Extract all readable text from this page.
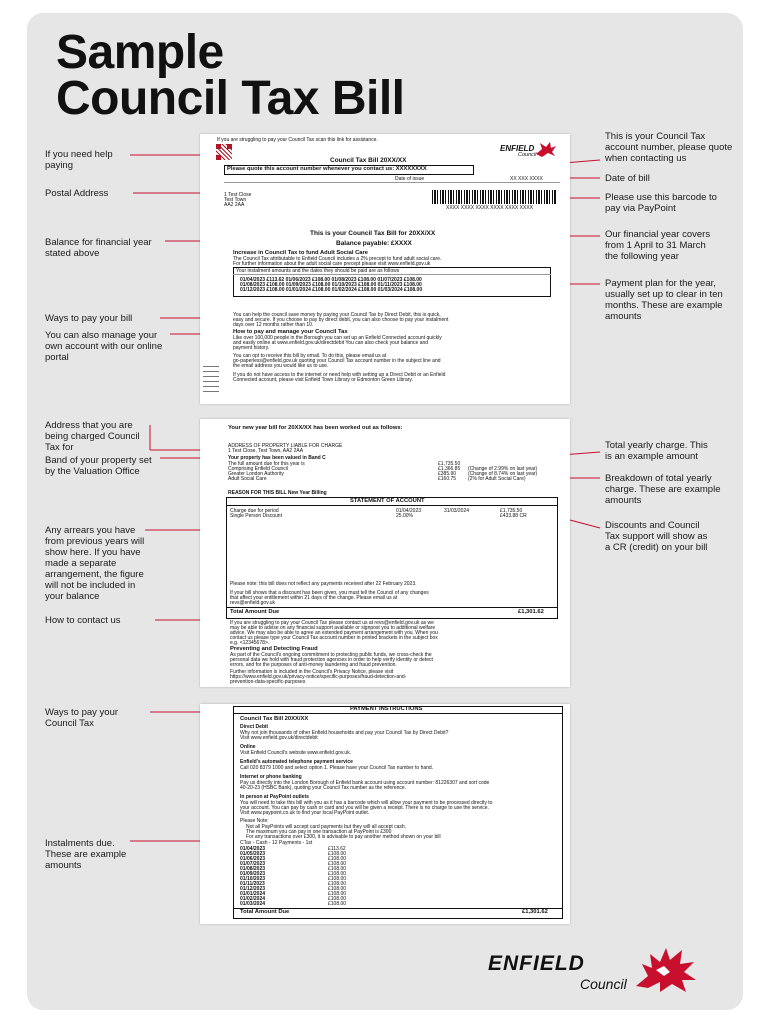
Sample
Council Tax Bill
If you need help paying
Postal Address
Balance for financial year stated above
Ways to pay your bill
You can also manage your own account with our online portal
Address that you are being charged Council Tax for
Band of your property set by the Valuation Office
Any arrears you have from previous years will show here. If you have made a separate arrangement, the figure will not be included in your balance
How to contact us
Ways to pay your Council Tax
Instalments due. These are example amounts
This is your Council Tax account number, please quote when contacting us
Date of bill
Please use this barcode to pay via PayPoint
Our financial year covers from 1 April to 31 March the following year
Payment plan for the year, usually set up to clear in ten months. These are example amounts
Total yearly charge. This is an example amount
Breakdown of total yearly charge. These are example amounts
Discounts and Council Tax support will show as a CR (credit) on your bill
If you are struggling to pay your Council Tax scan this link for assistance.
ENFIELD
Council
Council Tax Bill 20XX/XX
Please quote this account number whenever you contact us: XXXXXXXX
Date of issue	XX XXX XXXX
1 Test Close
Test Town
AA2 2AA	XXXX XXXX XXXX XXXX XXXX XXXX
This is your Council Tax Bill for 20XX/XX
Balance payable: £XXXX
Increase in Council Tax to fund Adult Social Care
The Council Tax attributable to Enfield Council includes a 2% precept to fund adult social care.
For further information about the adult social care precept please visit www.enfield.gov.uk
Your instalment amounts and the dates they should be paid are as follows
01/04/2023 £113.62 01/06/2023 £108.00 01/08/2023 £108.00 01/07/2023 £108.00
01/08/2023 £108.00 01/09/2023 £108.00 01/10/2023 £108.00 01/11/2023 £108.00
01/12/2023 £108.00 01/01/2024 £108.00 01/02/2024 £108.00 01/03/2024 £108.00
You can help the council save money by paying your Council Tax by Direct Debit, this is quick,
easy and secure. If you choose to pay by direct debit, you can also choose to pay your instalment
days over 12 months rather than 10.
How to pay and manage your Council Tax
Like over 100,000 people in the Borough you can set up an Enfield Connected account quickly
and easily online at www.enfield.gov.uk/directdebit You can also check your balance and
payment history.
You can opt to receive this bill by email. To do this, please email us at
go-paperless@enfield.gov.uk quoting your Council Tax account number in the subject line and
the email address you would like us to use.
If you do not have access to the internet or need help with setting up a Direct Debit or an Enfield
Connected account, please visit Enfield Town Library or Edmonton Green Library.
Your new year bill for 20XX/XX has been worked out as follows:
ADDRESS OF PROPERTY LIABLE FOR CHARGE
1 Test Close, Test Town, AA2 2AA
Your property has been valued in Band C
The full amount due for this year is	£1,735.50
Comprising Enfield Council	£1,366.85 (Change of 2.99% on last year)
Greater London Authority	£385.90 (Change of 8.74% on last year)
Adult Social Care	£160.75 (2% for Adult Social Care)
REASON FOR THIS BILL New Year Billing
STATEMENT OF ACCOUNT
Charge due for period	01/04/2023	31/03/2024	£1,735.50
Single Person Discount	25.00%	£433.88 CR
Please note: this bill does not reflect any payments received after 22 February 2023.
If your bill shows that a discount has been given, you must tell the Council of any changes
that affect your entitlement within 21 days of the change. Please email us at
revs@enfield.gov.uk
Total Amount Due	£1,301.62
If you are struggling to pay your Council Tax please contact us at revs@enfield.gov.uk as we
may be able to advise on any financial support available or signpost you to additional welfare
advice. We may also be able to agree an extended payment arrangement with you. When you
contact us please type your Council Tax account number in printed brackets in the subject box
e.g. <12345678>.
Preventing and Detecting Fraud
As part of the Council's ongoing commitment to protecting public funds, we cross-check the
personal data we hold with fraud protection agencies in order to help verify identity or detect
errors, and for the purposes of anti-money laundering and fraud prevention.
Further information is included in the Council's Privacy Notice, please visit
https://www.enfield.gov.uk/privacy-notice/specific-purposes/fraud-detection-and-
prevention-data-specific-purposes
PAYMENT INSTRUCTIONS
Council Tax Bill 20XX/XX
Please Note:
Not all PayPoints will accept card payments but they will all accept cash.
The maximum you can pay in one transaction at PayPoint is £300
For any transactions over £300, it is advisable to pay another method shown on your bill
CTax - Cash - 12 Payments - 1st
Total Amount Due	£1,301.62
Direct Debit
Why not join thousands of other Enfield households and pay your Council Tax by Direct Debit?
Visit www.enfield.gov.uk/directdebit
Online
Visit Enfield Council's website www.enfield.gov.uk.
Enfield's automated telephone payment service
Call 020 8379 1000 and select option 1. Please have your Council Tax number to hand.
Internet or phone banking
Pay us directly into the London Borough of Enfield bank account using account number: 81226307 and sort code
40-20-23 (HSBC Bank), quoting your Council Tax number as the reference.
In person at PayPoint outlets
You will need to take this bill with you as it has a barcode which will allow your payment to be processed directly to
your account. You can pay by cash or card and you will be given a receipt. There is no charge to use the service.
Visit www.paypoint.co.uk to find your local PayPoint outlet.
01/04/2023	£113.62
01/05/2023	£108.00
01/06/2023	£108.00
01/07/2023	£108.00
01/08/2023	£108.00
01/09/2023	£108.00
01/10/2023	£108.00
01/11/2023	£108.00
01/12/2023	£108.00
01/01/2024	£108.00
01/02/2024	£108.00
01/03/2024	£108.00
ENFIELD
Council
